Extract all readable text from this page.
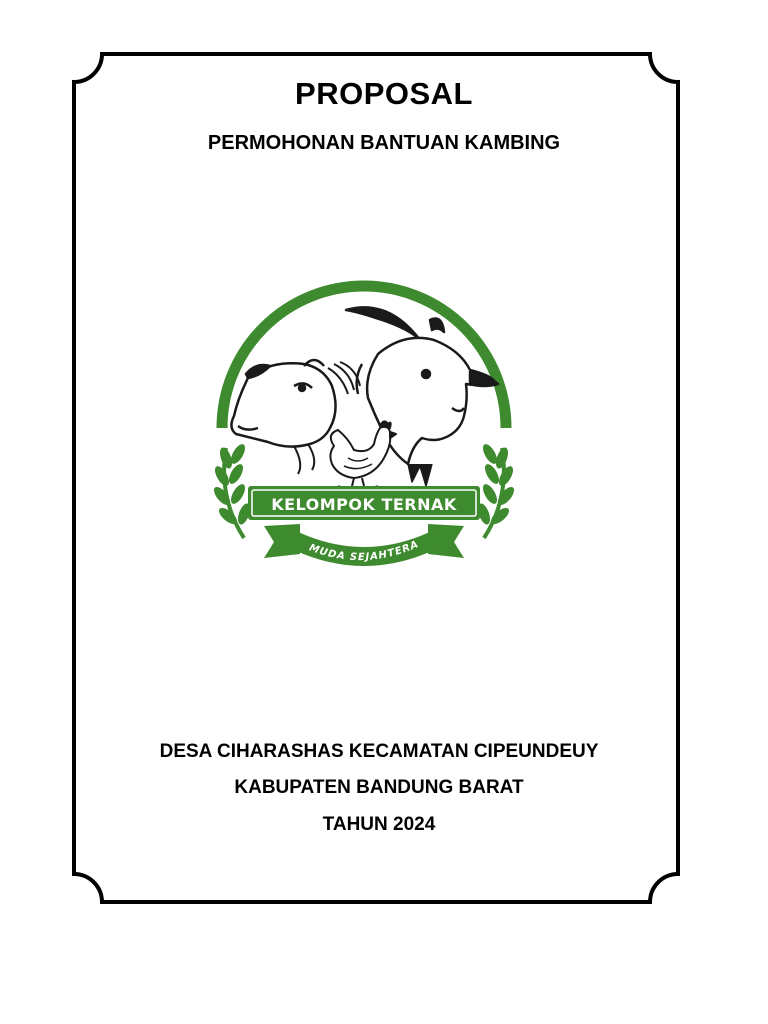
PROPOSAL
PERMOHONAN BANTUAN KAMBING
KELOMPOK TERNAK
MUDA SEJAHTERA

DESA CIHARASHAS KECAMATAN CIPEUNDEUY

KABUPATEN BANDUNG BARAT

TAHUN 2024
